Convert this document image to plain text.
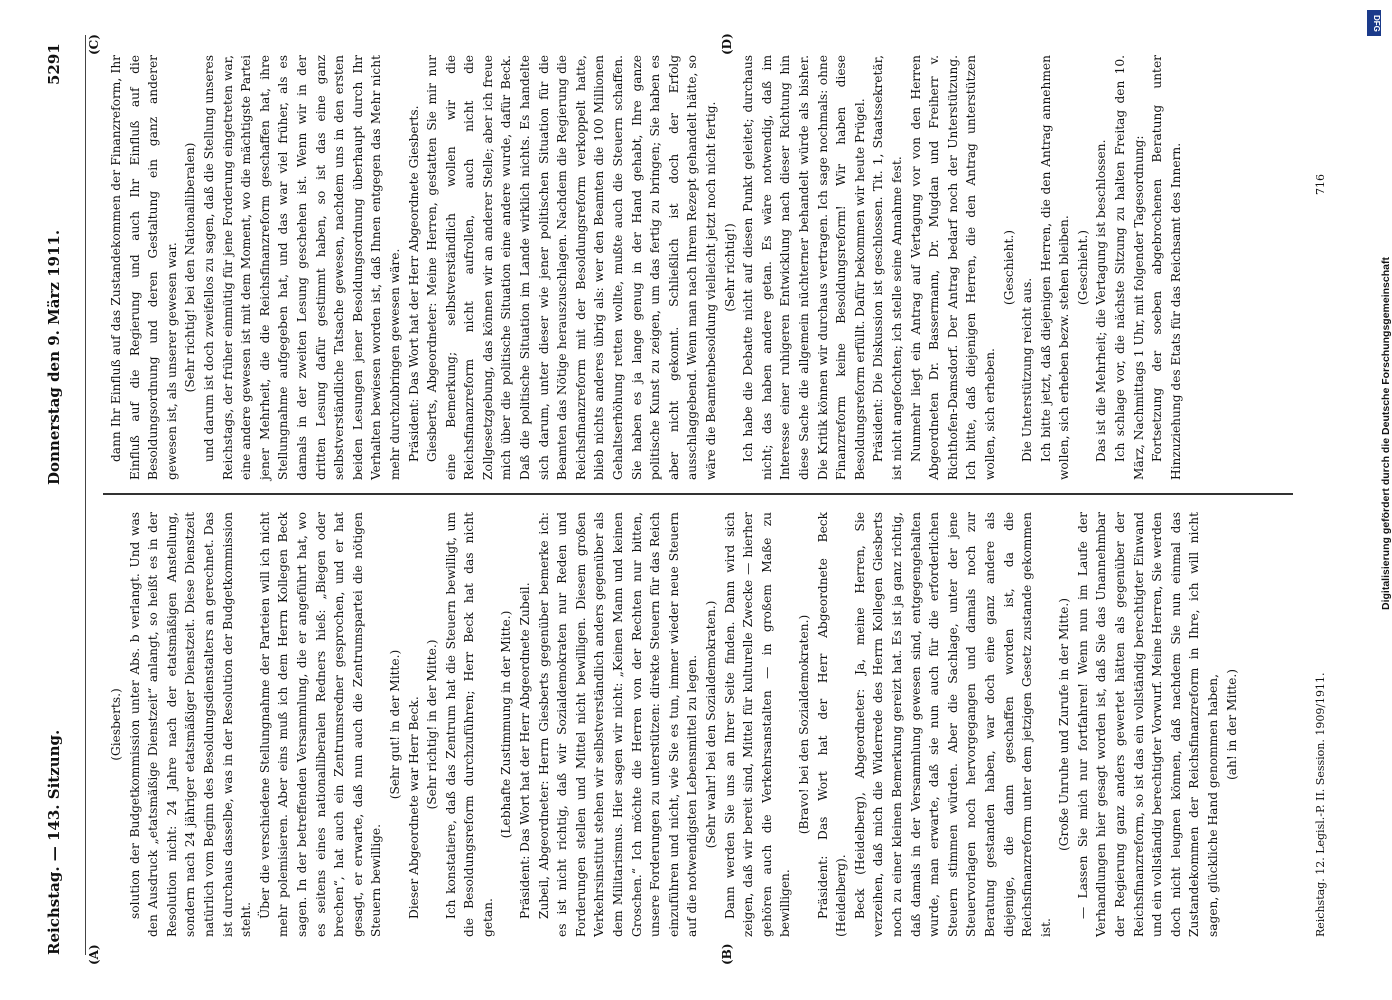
Reichstag. — 143. Sitzung.
Donnerstag den 9. März 1911.
5291
(A)	(B)
(C)	(D)

(Giesberts.) solution der Budgetkommission unter Abs. b verlangt. Und was den Ausdruck „etatsmäßige Dienstzeit“ anlangt, so heißt es in der Resolution nicht: 24 Jahre nach der etatsmäßigen Anstellung, sondern nach 24 jähriger etatsmäßiger Dienstzeit. Diese Dienstzeit natürlich vom Beginn des Besoldungsdienstalters an gerechnet. Das ist durchaus dasselbe, was in der Resolution der Budgetkommission steht.

Über die verschiedene Stellungnahme der Parteien will ich nicht mehr polemisieren. Aber eins muß ich dem Herrn Kollegen Beck sagen. In der betreffenden Versammlung, die er angeführt hat, wo es seitens eines nationalliberalen Redners hieß: „Biegen oder brechen“, hat auch ein Zentrumsredner gesprochen, und er hat gesagt, er erwarte, daß nun auch die Zentrumspartei die nötigen Steuern bewillige.

(Sehr gut! in der Mitte.) Dieser Abgeordnete war Herr Beck. (Sehr richtig! in der Mitte.) Ich konstatiere, daß das Zentrum hat die Steuern bewilligt, um die Besoldungsreform durchzuführen; Herr Beck hat das nicht getan.

(Lebhafte Zustimmung in der Mitte.) Präsident: Das Wort hat der Herr Abgeordnete Zubeil. Zubeil, Abgeordneter: Herrn Giesberts gegenüber bemerke ich: es ist nicht richtig, daß wir Sozialdemokraten nur Reden und Forderungen stellen und Mittel nicht bewilligen. Diesem großen Verkehrsinstitut stehen wir selbstverständlich anders gegenüber als dem Militarismus. Hier sagen wir nicht: „Keinen Mann und keinen Groschen.“ Ich möchte die Herren von der Rechten nur bitten, unsere Forderungen zu unterstützen: direkte Steuern für das Reich einzuführen und nicht, wie Sie es tun, immer wieder neue Steuern auf die notwendigsten Lebensmittel zu legen. (Sehr wahr! bei den Sozialdemokraten.) Dann werden Sie uns an Ihrer Seite finden. Dann wird sich zeigen, daß wir bereit sind, Mittel für kulturelle Zwecke — hierher gehören auch die Verkehrsanstalten — in großem Maße zu bewilligen.

(Bravo! bei den Sozialdemokraten.) Präsident: Das Wort hat der Herr Abgeordnete Beck (Heidelberg). Beck (Heidelberg), Abgeordneter: Ja, meine Herren, Sie verzeihen, daß mich die Widerrede des Herrn Kollegen Giesberts noch zu einer kleinen Bemerkung gereizt hat. Es ist ja ganz richtig, daß damals in der Versammlung gewesen sind, entgegengehalten wurde, man erwarte, daß sie nun auch für die erforderlichen Steuern stimmen würden. Aber die Sachlage, unter der jene Steuervorlagen noch hervorgegangen und damals noch zur Beratung gestanden haben, war doch eine ganz andere als diejenige, die dann geschaffen worden ist, da die Reichsfinanzreform unter dem jetzigen Gesetz zustande gekommen ist.

(Große Unruhe und Zurufe in der Mitte.) — Lassen Sie mich nur fortfahren! Wenn nun im Laufe der Verhandlungen hier gesagt worden ist, daß Sie das Unannehmbar der Regierung ganz anders gewertet hätten als gegenüber der Reichsfinanzreform, so ist das ein vollständig berechtigter Einwand und ein vollständig berechtigter Vorwurf. Meine Herren, Sie werden doch nicht leugnen können, daß nachdem Sie nun einmal das Zustandekommen der Reichsfinanzreform in Ihre, ich will nicht sagen, glückliche Hand genommen haben, (ah! in der Mitte.)

dann Ihr Einfluß auf das Zustandekommen der Finanzreform, Ihr Einfluß auf die Regierung und auch Ihr Einfluß auf die Besoldungsordnung und deren Gestaltung ein ganz anderer gewesen ist, als unserer gewesen war. (Sehr richtig! bei den Nationalliberalen) und darum ist doch zweifellos zu sagen, daß die Stellung unseres Reichstags, der früher einmütig für jene Forderung eingetreten war, eine andere gewesen ist mit dem Moment, wo die mächtigste Partei jener Mehrheit, die die Reichsfinanzreform geschaffen hat, ihre Stellungnahme aufgegeben hat, und das war viel früher, als es damals in der zweiten Lesung geschehen ist. Wenn wir in der dritten Lesung dafür gestimmt haben, so ist das eine ganz selbstverständliche Tatsache gewesen, nachdem uns in den ersten beiden Lesungen jener Besoldungsordnung überhaupt durch Ihr Verhalten bewiesen worden ist, daß Ihnen entgegen das Mehr nicht mehr durchzubringen gewesen wäre. Präsident: Das Wort hat der Herr Abgeordnete Giesberts. Giesberts, Abgeordneter: Meine Herren, gestatten Sie mir nur eine Bemerkung; selbstverständlich wollen wir die Reichsfinanzreform nicht aufrollen, auch nicht die Zollgesetzgebung, das können wir an anderer Stelle; aber ich freue mich über die politische Situation eine andere wurde, dafür Beck. Daß die politische Situation im Lande wirklich nichts. Es handelte sich darum, unter dieser wie jener politischen Situation für die Beamten das Nötige herauszuschlagen. Nachdem die Regierung die Reichsfinanzreform mit der Besoldungsreform verkoppelt hatte, blieb nichts anderes übrig als: wer den Beamten die 100 Millionen Gehaltserhöhung retten wollte, mußte auch die Steuern schaffen. Sie haben es ja lange genug in der Hand gehabt, Ihre ganze politische Kunst zu zeigen, um das fertig zu bringen; Sie haben es aber nicht gekonnt. Schließlich ist doch der Erfolg ausschlaggebend. Wenn man nach Ihrem Rezept gehandelt hätte, so wäre die Beamtenbesoldung vielleicht jetzt noch nicht fertig. (Sehr richtig!) Ich habe die Debatte nicht auf diesen Punkt geleitet; durchaus nicht; das haben andere getan. Es wäre notwendig, daß im Interesse einer ruhigeren Entwicklung nach dieser Richtung hin diese Sache die allgemein nüchterner behandelt würde als bisher. Die Kritik können wir durchaus vertragen. Ich sage nochmals: ohne Finanzreform keine Besoldungsreform! Wir haben diese Besoldungsreform erfüllt. Dafür bekommen wir heute Prügel. Präsident: Die Diskussion ist geschlossen. Tit. 1, Staatssekretär, ist nicht angefochten; ich stelle seine Annahme fest. Nunmehr liegt ein Antrag auf Vertagung vor von den Herren Abgeordneten Dr. Bassermann, Dr. Mugdan und Freiherr v. Richthofen-Damsdorf. Der Antrag bedarf noch der Unterstützung. Ich bitte, daß diejenigen Herren, die den Antrag unterstützen wollen, sich erheben.

(Geschieht.)

Die Unterstützung reicht aus. Ich bitte jetzt, daß diejenigen Herren, die den Antrag annehmen wollen, sich erheben bezw. stehen bleiben. (Geschieht.) Das ist die Mehrheit; die Vertagung ist beschlossen. Ich schlage vor, die nächste Sitzung zu halten Freitag den 10. März, Nachmittags 1 Uhr, mit folgender Tagesordnung: Fortsetzung der soeben abgebrochenen Beratung unter Hinzuziehung des Etats für das Reichsamt des Innern.

Reichstag. 12. Legisl.-P. II. Session. 1909/1911.
716
DFG
Digitalisierung gefördert durch die Deutsche Forschungsgemeinschaft
